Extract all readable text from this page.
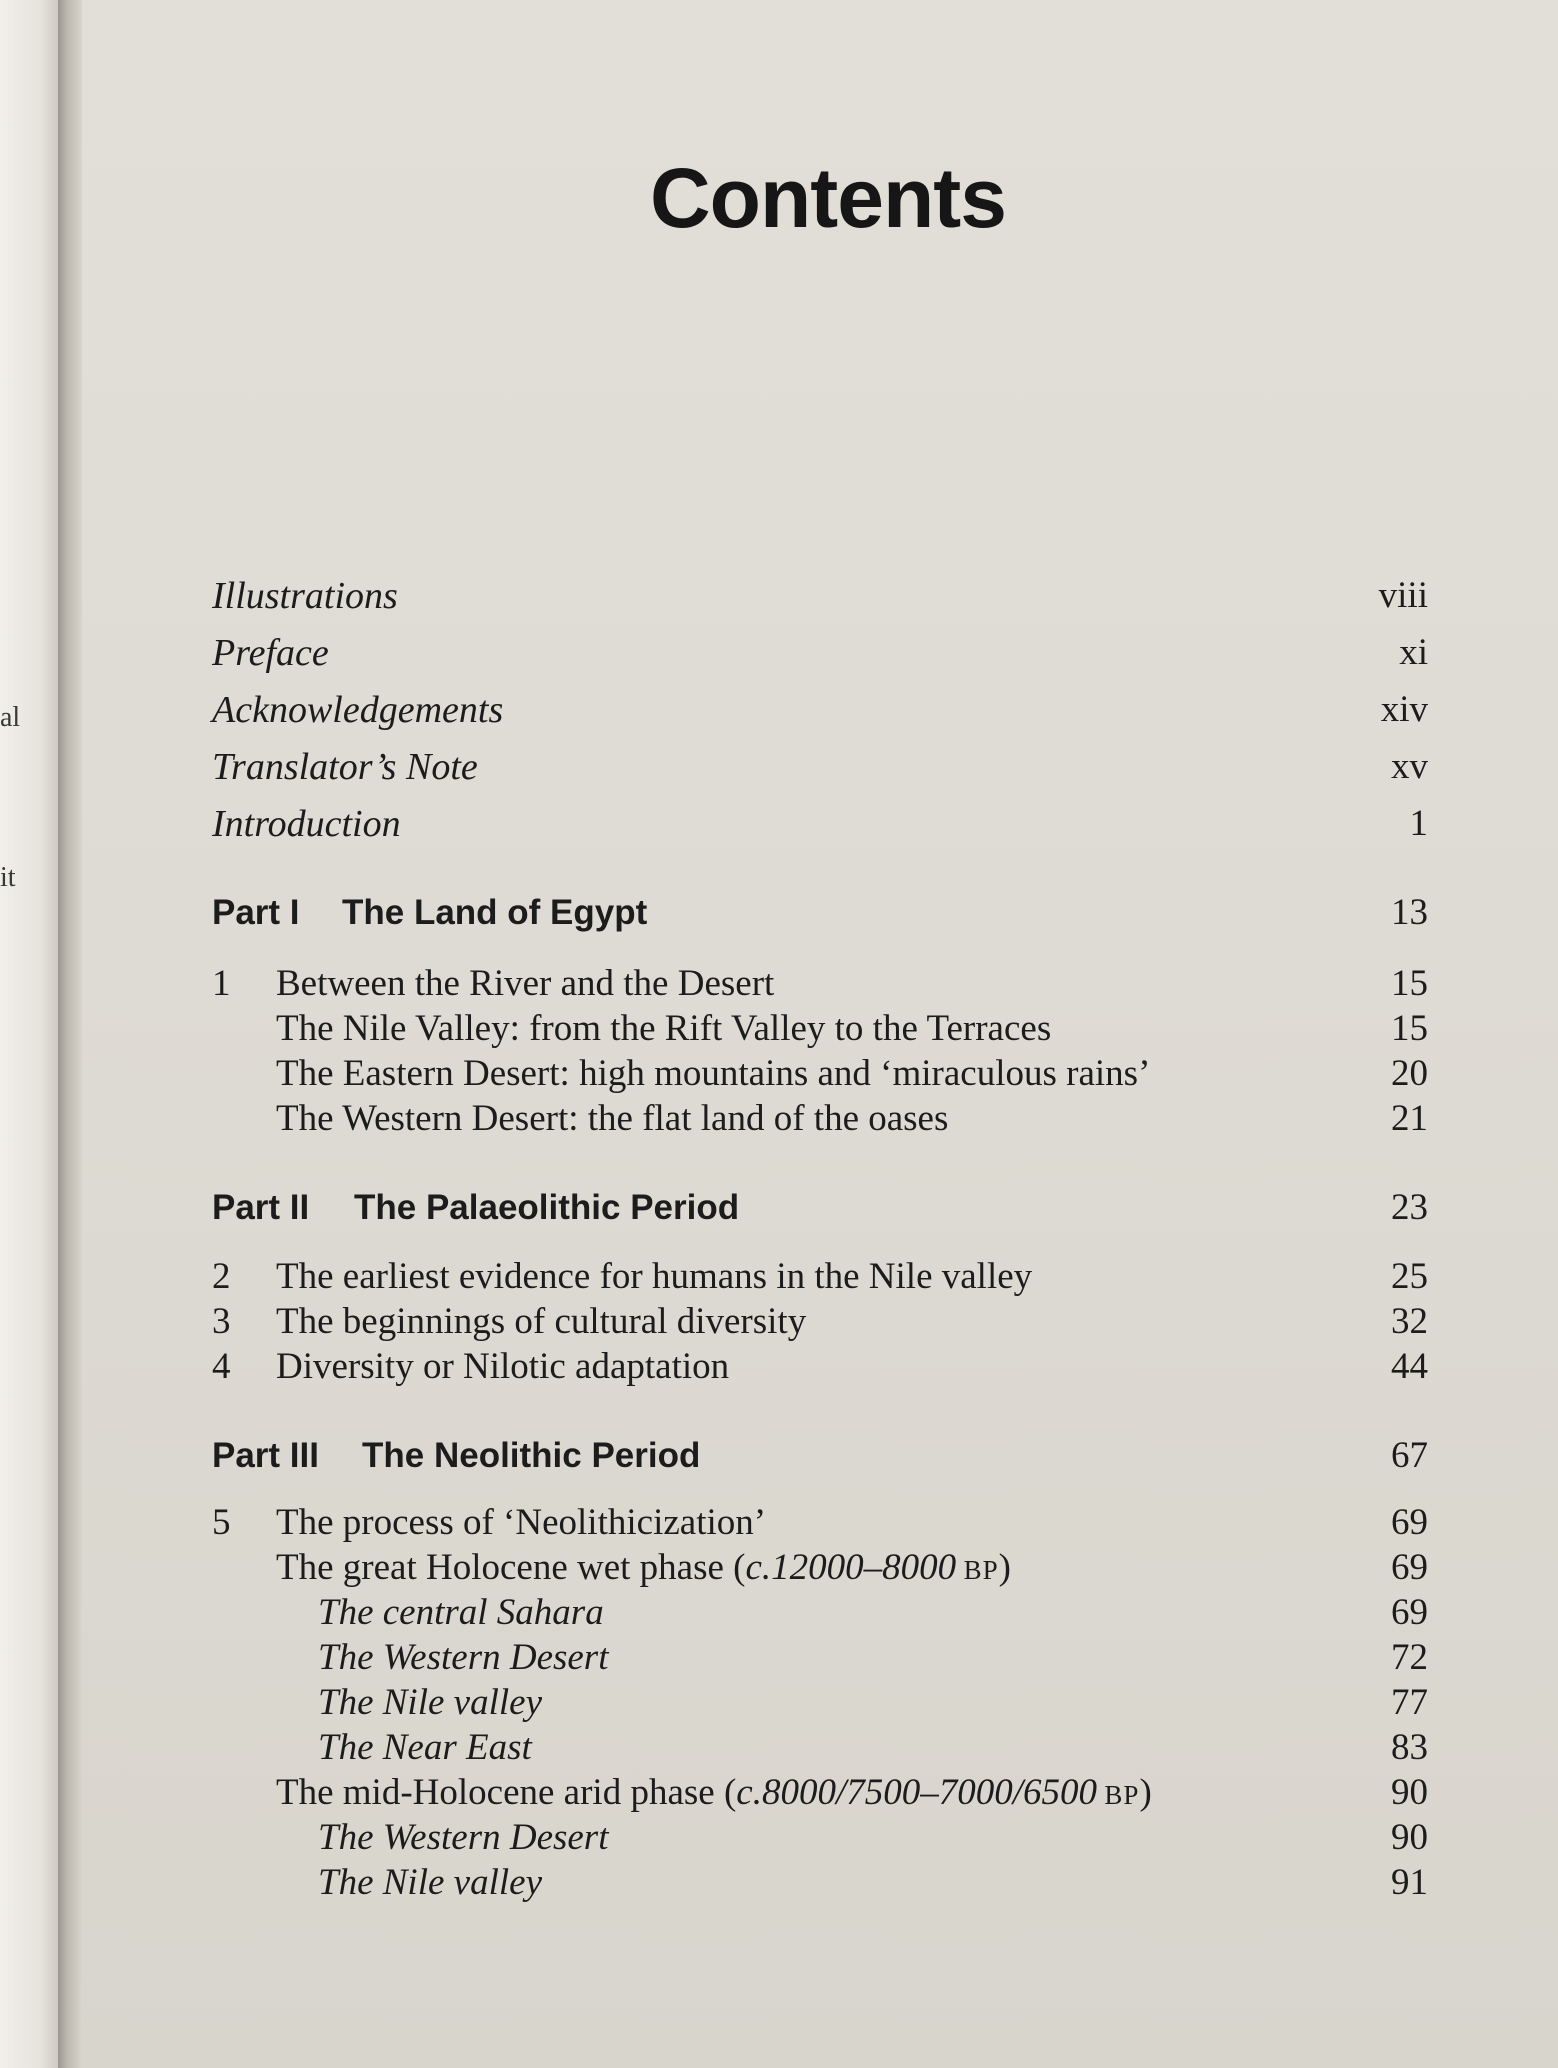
al
it
Contents
Illustrations	viii
Preface	xi
Acknowledgements	xiv
Translator’s Note	xv
Introduction	1
Part I The Land of Egypt	13
1 Between the River and the Desert	15
The Nile Valley: from the Rift Valley to the Terraces	15
The Eastern Desert: high mountains and ‘miraculous rains’	20
The Western Desert: the flat land of the oases	21
Part II The Palaeolithic Period	23
2 The earliest evidence for humans in the Nile valley	25
3 The beginnings of cultural diversity	32
4 Diversity or Nilotic adaptation	44
Part III The Neolithic Period	67
5 The process of ‘Neolithicization’	69
The great Holocene wet phase (c.12000–8000  BP)	69
The central Sahara	69
The Western Desert	72
The Nile valley	77
The Near East	83
The mid-Holocene arid phase (c.8000/7500–7000/6500  BP)	90
The Western Desert	90
The Nile valley	91
